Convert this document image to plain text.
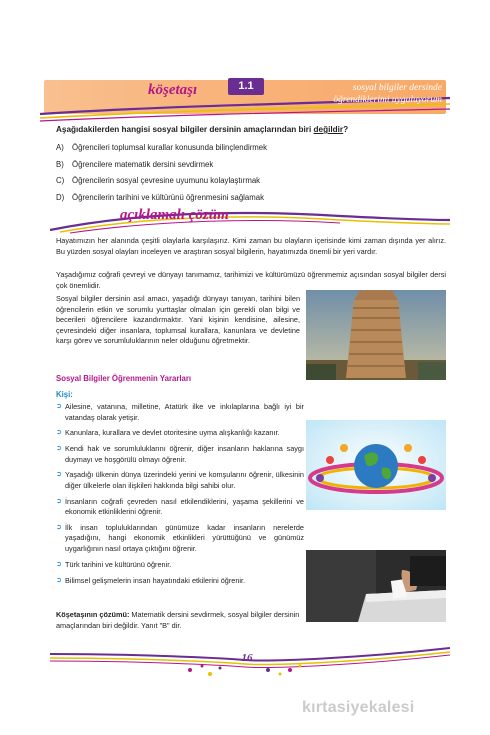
köşetaşı	1.1	sosyal bilgiler dersinde
öğrendiklerimi uyguluyorum
Aşağıdakilerden hangisi sosyal bilgiler dersinin amaçlarından biri değildir?
A)	Öğrencileri toplumsal kurallar konusunda bilinçlendirmek
B)	Öğrencilere matematik dersini sevdirmek
C) Öğrencilerin sosyal çevresine uyumunu kolaylaştırmak
D) Öğrencilerin tarihini ve kültürünü öğrenmesini sağlamak
açıklamalı çözüm
Hayatımızın her alanında çeşitli olaylarla karşılaşırız. Kimi zaman bu olayların içerisinde kimi zaman dışında yer alırız. Bu yüzden sosyal olayları inceleyen ve araştıran sosyal bilgilerin, hayatımızda önemli bir yeri vardır.
Yaşadığımız coğrafi çevreyi ve dünyayı tanımamız, tarihimizi ve kültürümüzü öğrenmemiz açısından sosyal bilgiler dersi çok önemlidir.
Sosyal bilgiler dersinin asıl amacı, yaşadığı dünyayı tanıyan, tarihini bilen öğrencilerin etkin ve sorumlu yurttaşlar olmaları için gerekli olan bilgi ve becerileri öğrencilere kazandırmaktır. Yani kişinin kendisine, ailesine, çevresindeki diğer insanlara, toplumsal kurallara, kanunlara ve devletine karşı görev ve sorumluluklarının neler olduğunu öğretmektir.
Sosyal Bilgiler Öğrenmenin Yararları
Kişi:
➲ Ailesine, vatanına, milletine, Atatürk ilke ve inkılaplarına bağlı iyi bir vatandaş olarak yetişir.
➲ Kanunlara, kurallara ve devlet otoritesine uyma alışkanlığı kazanır.
➲ Kendi hak ve sorumluluklarını öğrenir, diğer insanların haklarına saygı duymayı ve hoşgörülü olmayı öğrenir.
➲ Yaşadığı ülkenin dünya üzerindeki yerini ve komşularını öğrenir, ülkesinin diğer ülkelerle olan ilişkileri hakkında bilgi sahibi olur.
➲ İnsanların coğrafi çevreden nasıl etkilendiklerini, yaşama şekillerini ve ekonomik etkinliklerini öğrenir.
➲ İlk insan topluluklarından günümüze kadar insanların nerelerde yaşadığını, hangi ekonomik etkinlikleri yürüttüğünü ve günümüz uygarlığının nasıl ortaya çıktığını öğrenir.
➲ Türk tarihini ve kültürünü öğrenir.
➲ Bilimsel gelişmelerin insan hayatındaki etkilerini öğrenir.
Köşetaşının çözümü: Matematik dersini sevdirmek, sosyal bilgiler dersinin amaçlarından biri değildir. Yanıt "B" dir.
16
kırtasiyekalesi
